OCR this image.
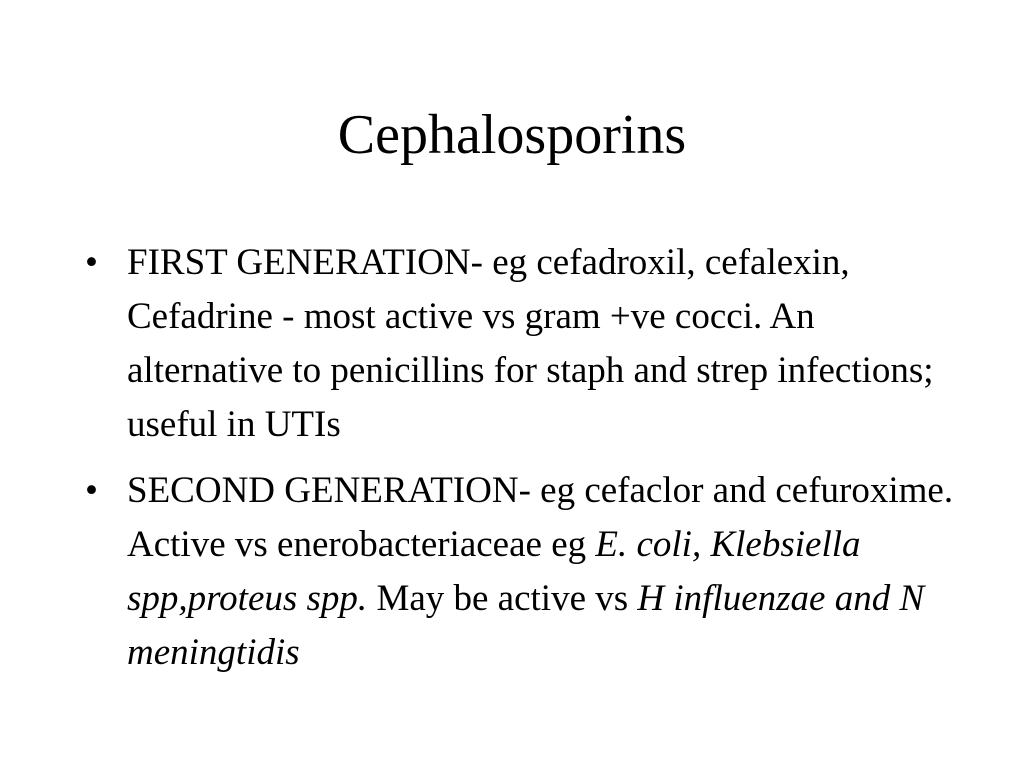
Cephalosporins
• FIRST GENERATION- eg cefadroxil, cefalexin, Cefadrine - most active vs gram +ve cocci. An alternative to penicillins for staph and strep infections; useful in UTIs
• SECOND GENERATION- eg cefaclor and cefuroxime. Active vs enerobacteriaceae eg E. coli, Klebsiella spp,proteus spp. May be active vs H influenzae and N meningtidis
